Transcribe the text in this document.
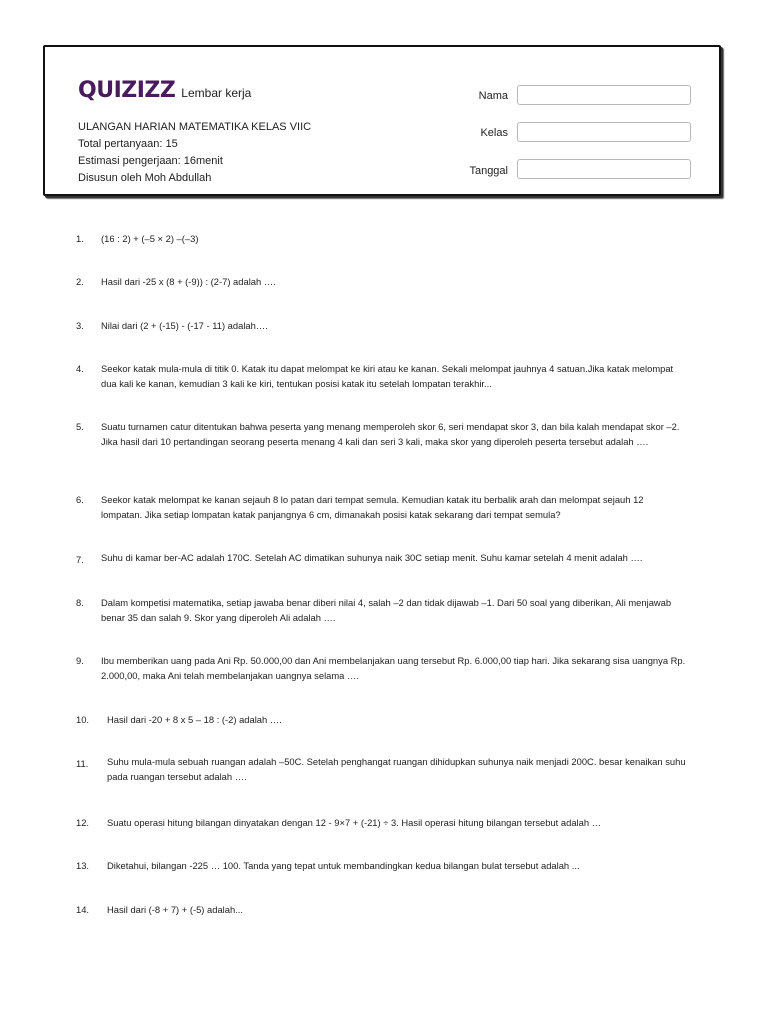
QUIZIZZ Lembar kerja
ULANGAN HARIAN MATEMATIKA KELAS VIIC
Total pertanyaan: 15
Estimasi pengerjaan: 16menit
Disusun oleh Moh Abdullah
Nama
Kelas
Tanggal
1. (16 : 2) + (–5 × 2) –(–3)
2. Hasil dari -25 x (8 + (-9)) : (2-7) adalah ….
3. Nilai dari (2 + (-15) - (-17 - 11) adalah….
4. Seekor katak mula-mula di titik 0. Katak itu dapat melompat ke kiri atau ke kanan. Sekali melompat jauhnya 4 satuan.Jika katak melompat dua kali ke kanan, kemudian 3 kali ke kiri, tentukan posisi katak itu setelah lompatan terakhir...
5. Suatu turnamen catur ditentukan bahwa peserta yang menang memperoleh skor 6, seri mendapat skor 3, dan bila kalah mendapat skor –2. Jika hasil dari 10 pertandingan seorang peserta menang 4 kali dan seri 3 kali, maka skor yang diperoleh peserta tersebut adalah ….
6. Seekor katak melompat ke kanan sejauh 8 lo patan dari tempat semula. Kemudian katak itu berbalik arah dan melompat sejauh 12 lompatan. Jika setiap lompatan katak panjangnya 6 cm, dimanakah posisi katak sekarang dari tempat semula?
7. Suhu di kamar ber-AC adalah 170C. Setelah AC dimatikan suhunya naik 30C setiap menit. Suhu kamar setelah 4 menit adalah ….
8. Dalam kompetisi matematika, setiap jawaba benar diberi nilai 4, salah –2 dan tidak dijawab –1. Dari 50 soal yang diberikan, Ali menjawab benar 35 dan salah 9. Skor yang diperoleh Ali adalah ….
9. Ibu memberikan uang pada Ani Rp. 50.000,00 dan Ani membelanjakan uang tersebut Rp. 6.000,00 tiap hari. Jika sekarang sisa uangnya Rp. 2.000,00, maka Ani telah membelanjakan uangnya selama ….
10. Hasil dari -20 + 8 x 5 – 18 : (-2) adalah ….
11. Suhu mula-mula sebuah ruangan adalah –50C. Setelah penghangat ruangan dihidupkan suhunya naik menjadi 200C. besar kenaikan suhu pada ruangan tersebut adalah ….
12. Suatu operasi hitung bilangan dinyatakan dengan 12 - 9×7 + (-21) ÷ 3. Hasil operasi hitung bilangan tersebut adalah …
13. Diketahui, bilangan -225 … 100. Tanda yang tepat untuk membandingkan kedua bilangan bulat tersebut adalah ...
14. Hasil dari (-8 + 7) + (-5) adalah...
